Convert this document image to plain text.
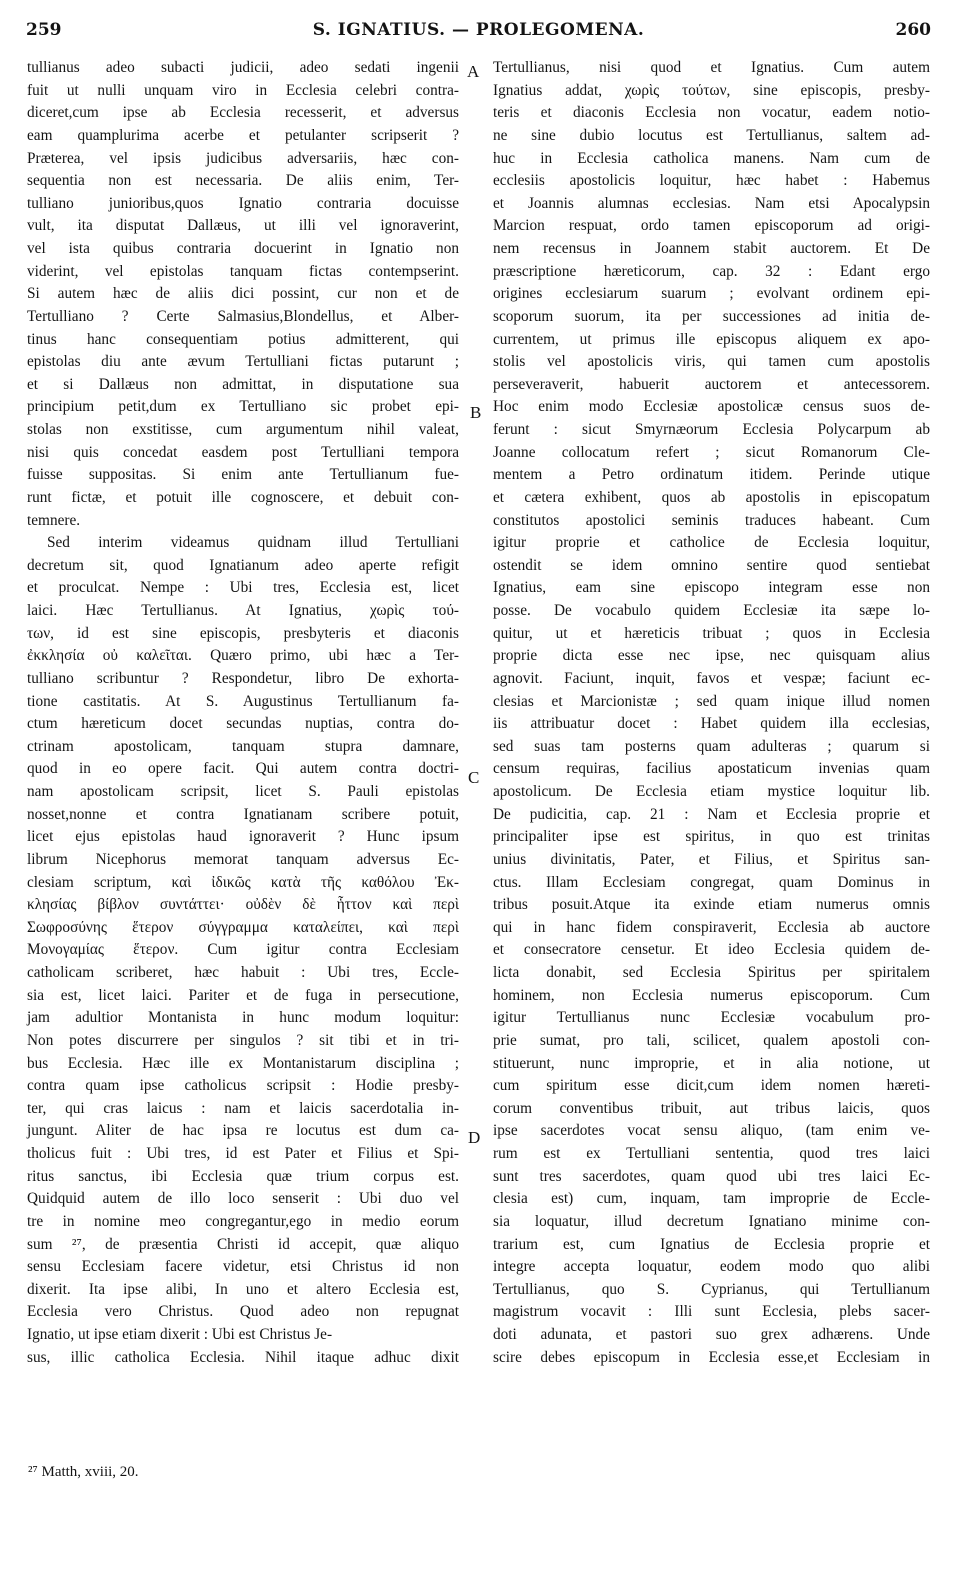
259	S. IGNATIUS. — PROLEGOMENA.	260

tullianus adeo subacti judicii, adeo sedati ingenii

fuit ut nulli unquam viro in Ecclesia celebri contra-

diceret,cum ipse ab Ecclesia recesserit, et adversus

eam quamplurima acerbe et petulanter scripserit ?

Præterea, vel ipsis judicibus adversariis, hæc con-

sequentia non est necessaria. De aliis enim, Ter-

tulliano junioribus,quos Ignatio contraria docuisse

vult, ita disputat Dallæus, ut illi vel ignoraverint,

vel ista quibus contraria docuerint in Ignatio non

viderint, vel epistolas tanquam fictas contempserint.

Si autem hæc de aliis dici possint, cur non et de

Tertulliano ? Certe Salmasius,Blondellus, et Alber-

tinus hanc consequentiam potius admitterent, qui

epistolas diu ante ævum Tertulliani fictas putarunt ;

et si Dallæus non admittat, in disputatione sua

principium petit,dum ex Tertulliano sic probet epi-

stolas non exstitisse, cum argumentum nihil valeat,

nisi quis concedat easdem post Tertulliani tempora

fuisse suppositas. Si enim ante Tertullianum fue-

runt fictæ, et potuit ille cognoscere, et debuit con-

temnere.

Sed interim videamus quidnam illud Tertulliani

decretum sit, quod Ignatianum adeo aperte refigit

et proculcat. Nempe : Ubi tres, Ecclesia est, licet

laici. Hæc Tertullianus. At Ignatius, χωρὶς τού-

των, id est sine episcopis, presbyteris et diaconis

ἐκκλησία οὐ καλεῖται. Quæro primo, ubi hæc a Ter-

tulliano scribuntur ? Respondetur, libro De exhorta-

tione castitatis. At S. Augustinus Tertullianum fa-

ctum hæreticum docet secundas nuptias, contra do-

ctrinam apostolicam, tanquam stupra damnare,

quod in eo opere facit. Qui autem contra doctri-

nam apostolicam scripsit, licet S. Pauli epistolas

nosset,nonne et contra Ignatianam scribere potuit,

licet ejus epistolas haud ignoraverit ? Hunc ipsum

librum Nicephorus memorat tanquam adversus Ec-

clesiam scriptum, καὶ ἰδικῶς κατὰ τῆς καθόλου Ἐκ-

κλησίας βίβλον συντάττει· οὐδὲν δὲ ἧττον καὶ περὶ

Σωφροσύνης ἕτερον σύγγραμμα καταλείπει, καὶ περὶ

Μονογαμίας ἕτερον. Cum igitur contra Ecclesiam

catholicam scriberet, hæc habuit : Ubi tres, Eccle-

sia est, licet laici. Pariter et de fuga in persecutione,

jam adultior Montanista in hunc modum loquitur:

Non potes discurrere per singulos ? sit tibi et in tri-

bus Ecclesia. Hæc ille ex Montanistarum disciplina ;

contra quam ipse catholicus scripsit : Hodie presby-

ter, qui cras laicus : nam et laicis sacerdotalia in-

jungunt. Aliter de hac ipsa re locutus est dum ca-

tholicus fuit : Ubi tres, id est Pater et Filius et Spi-

ritus sanctus, ibi Ecclesia quæ trium corpus est.

Quidquid autem de illo loco senserit : Ubi duo vel

tre in nomine meo congregantur,ego in medio eorum

sum ²⁷, de præsentia Christi id accepit, quæ aliquo

sensu Ecclesiam facere videtur, etsi Christus id non

dixerit. Ita ipse alibi, In uno et altero Ecclesia est,

Ecclesia vero Christus. Quod adeo non repugnat

Ignatio, ut ipse etiam dixerit : Ubi est Christus Je-

sus, illic catholica Ecclesia. Nihil itaque adhuc dixit

Tertullianus, nisi quod et Ignatius. Cum autem

Ignatius addat, χωρὶς τούτων, sine episcopis, presby-

teris et diaconis Ecclesia non vocatur, eadem notio-

ne sine dubio locutus est Tertullianus, saltem ad-

huc in Ecclesia catholica manens. Nam cum de

ecclesiis apostolicis loquitur, hæc habet : Habemus

et Joannis alumnas ecclesias. Nam etsi Apocalypsin

Marcion respuat, ordo tamen episcoporum ad origi-

nem recensus in Joannem stabit auctorem. Et De

præscriptione hæreticorum, cap. 32 : Edant ergo

origines ecclesiarum suarum ; evolvant ordinem epi-

scoporum suorum, ita per successiones ad initia de-

currentem, ut primus ille episcopus aliquem ex apo-

stolis vel apostolicis viris, qui tamen cum apostolis

perseveraverit, habuerit auctorem et antecessorem.

Hoc enim modo Ecclesiæ apostolicæ census suos de-

ferunt : sicut Smyrnæorum Ecclesia Polycarpum ab

Joanne collocatum refert ; sicut Romanorum Cle-

mentem a Petro ordinatum itidem. Perinde utique

et cætera exhibent, quos ab apostolis in episcopatum

constitutos apostolici seminis traduces habeant. Cum

igitur proprie et catholice de Ecclesia loquitur,

ostendit se idem omnino sentire quod sentiebat

Ignatius, eam sine episcopo integram esse non

posse. De vocabulo quidem Ecclesiæ ita sæpe lo-

quitur, ut et hæreticis tribuat ; quos in Ecclesia

proprie dicta esse nec ipse, nec quisquam alius

agnovit. Faciunt, inquit, favos et vespæ; faciunt ec-

clesias et Marcionistæ ; sed quam inique illud nomen

iis attribuatur docet : Habet quidem illa ecclesias,

sed suas tam posterns quam adulteras ; quarum si

censum requiras, facilius apostaticum invenias quam

apostolicum. De Ecclesia etiam mystice loquitur lib.

De pudicitia, cap. 21 : Nam et Ecclesia proprie et

principaliter ipse est spiritus, in quo est trinitas

unius divinitatis, Pater, et Filius, et Spiritus san-

ctus. Illam Ecclesiam congregat, quam Dominus in

tribus posuit.Atque ita exinde etiam numerus omnis

qui in hanc fidem conspiraverit, Ecclesia ab auctore

et consecratore censetur. Et ideo Ecclesia quidem de-

licta donabit, sed Ecclesia Spiritus per spiritalem

hominem, non Ecclesia numerus episcoporum. Cum

igitur Tertullianus nunc Ecclesiæ vocabulum pro-

prie sumat, pro tali, scilicet, qualem apostoli con-

stituerunt, nunc improprie, et in alia notione, ut

cum spiritum esse dicit,cum idem nomen hæreti-

corum conventibus tribuit, aut tribus laicis, quos

ipse sacerdotes vocat sensu aliquo, (tam enim ve-

rum est ex Tertulliani sententia, quod tres laici

sunt tres sacerdotes, quam quod ubi tres laici Ec-

clesia est) cum, inquam, tam improprie de Eccle-

sia loquatur, illud decretum Ignatiano minime con-

trarium est, cum Ignatius de Ecclesia proprie et

integre accepta loquatur, eodem modo quo alibi

Tertullianus, quo S. Cyprianus, qui Tertullianum

magistrum vocavit : Illi sunt Ecclesia, plebs sacer-

doti adunata, et pastori suo grex adhærens. Unde

scire debes episcopum in Ecclesia esse,et Ecclesiam in

A
B
C
D
²⁷ Matth, xviii, 20.
